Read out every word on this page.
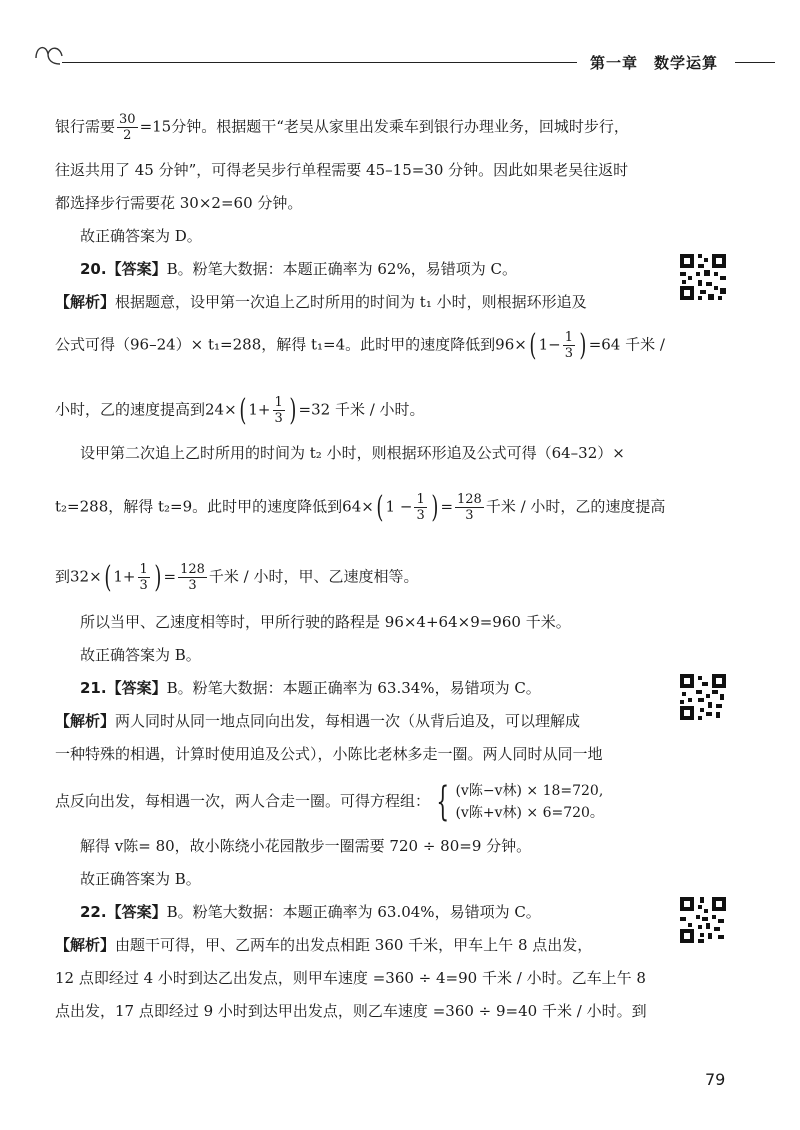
第一章　数学运算
银行需要 $\frac{30}{2} =15$分钟。根据题干“老吴从家里出发乘车到银行办理业务，回城时步行，
往返共用了 45 分钟”，可得老吴步行单程需要 45–15=30 分钟。因此如果老吴往返时
都选择步行需要花 30×2=60 分钟。
故正确答案为 D。
20.【答案】B。粉笔大数据：本题正确率为 62%，易错项为 C。
【解析】根据题意，设甲第一次追上乙时所用的时间为 t₁ 小时，则根据环形追及
公式可得（96–24）× t₁=288，解得 t₁=4。此时甲的速度降低到96×( $1- \frac{1}{3}$ ) =64 千米 /
小时，乙的速度提高到24×( $1+ \frac{1}{3}$ ) =32 千米 / 小时。
设甲第二次追上乙时所用的时间为 t₂ 小时，则根据环形追及公式可得（64–32）×
t₂=288，解得 t₂=9。此时甲的速度降低到64×( $1 - \frac{1}{3}$ ) = $\frac{128}{3}$ 千米 / 小时，乙的速度提高
到32×( $1+ \frac{1}{3}$ ) = $\frac{128}{3}$ 千米 / 小时，甲、乙速度相等。
所以当甲、乙速度相等时，甲所行驶的路程是 96×4+64×9=960 千米。
故正确答案为 B。
21.【答案】B。粉笔大数据：本题正确率为 63.34%，易错项为 C。
【解析】两人同时从同一地点同向出发，每相遇一次（从背后追及，可以理解成
一种特殊的相遇，计算时使用追及公式），小陈比老林多走一圈。两人同时从同一地
点反向出发，每相遇一次，两人合走一圈。可得方程组： { (v陈−v林) × 18=720,
(v陈+v林) × 6=720。
解得 v陈= 80，故小陈绕小花园散步一圈需要 720 ÷ 80=9 分钟。
故正确答案为 B。
22.【答案】B。粉笔大数据：本题正确率为 63.04%，易错项为 C。
【解析】由题干可得，甲、乙两车的出发点相距 360 千米，甲车上午 8 点出发，
12 点即经过 4 小时到达乙出发点，则甲车速度 =360 ÷ 4=90 千米 / 小时。乙车上午 8
点出发，17 点即经过 9 小时到达甲出发点，则乙车速度 =360 ÷ 9=40 千米 / 小时。到
79
